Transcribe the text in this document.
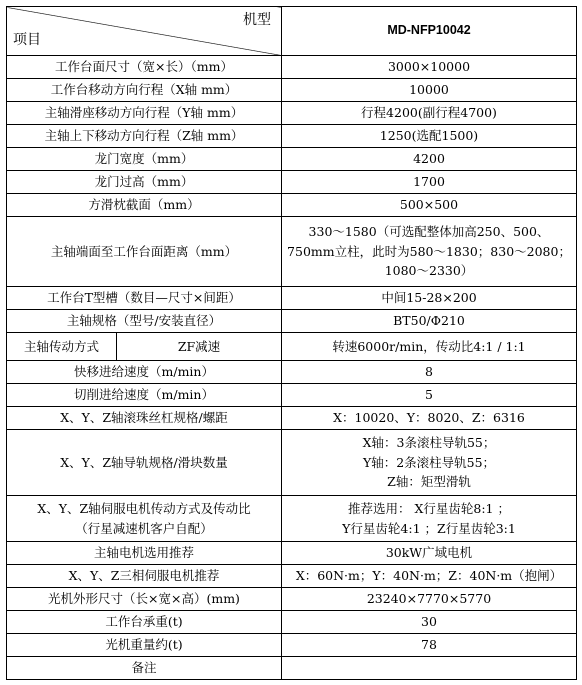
机型
项目		MD-NFP10042
工作台面尺寸（宽×长）（mm）		3000×10000
工作台移动方向行程（X轴 mm）		10000
主轴滑座移动方向行程（Y轴 mm）		行程4200(副行程4700)
主轴上下移动方向行程（Z轴 mm）		1250(选配1500)
龙门宽度（mm）		4200
龙门过高（mm）		1700
方滑枕截面（mm）		500×500
主轴端面至工作台面距离（mm）		330～1580（可选配整体加高250、500、
750mm立柱，此时为580～1830；830～2080；
1080～2330）

工作台T型槽（数目—尺寸×间距）		中间15-28×200
主轴规格（型号/安装直径）		BT50/Φ210
主轴传动方式	ZF减速	转速6000r/min，传动比4:1 / 1:1
快移进给速度（m/min）		8
切削进给速度（m/min）		5
X、Y、Z轴滚珠丝杠规格/螺距		X：10020、Y：8020、Z：6316
X、Y、Z轴导轨规格/滑块数量		X轴：3条滚柱导轨55；
Y轴：2条滚柱导轨55；
Z轴：矩型滑轨

X、Y、Z轴伺服电机传动方式及传动比
（行星减速机客户自配）		推荐选用： X行星齿轮8:1 ；
Y行星齿轮4:1 ；Z行星齿轮3:1

主轴电机选用推荐		30kW广域电机
X、Y、Z三相伺服电机推荐		X：60N·m；Y：40N·m；Z：40N·m（抱闸）
光机外形尺寸（长×宽×高）(mm)		23240×7770×5770
工作台承重(t)		30
光机重量约(t)		78
备注		
